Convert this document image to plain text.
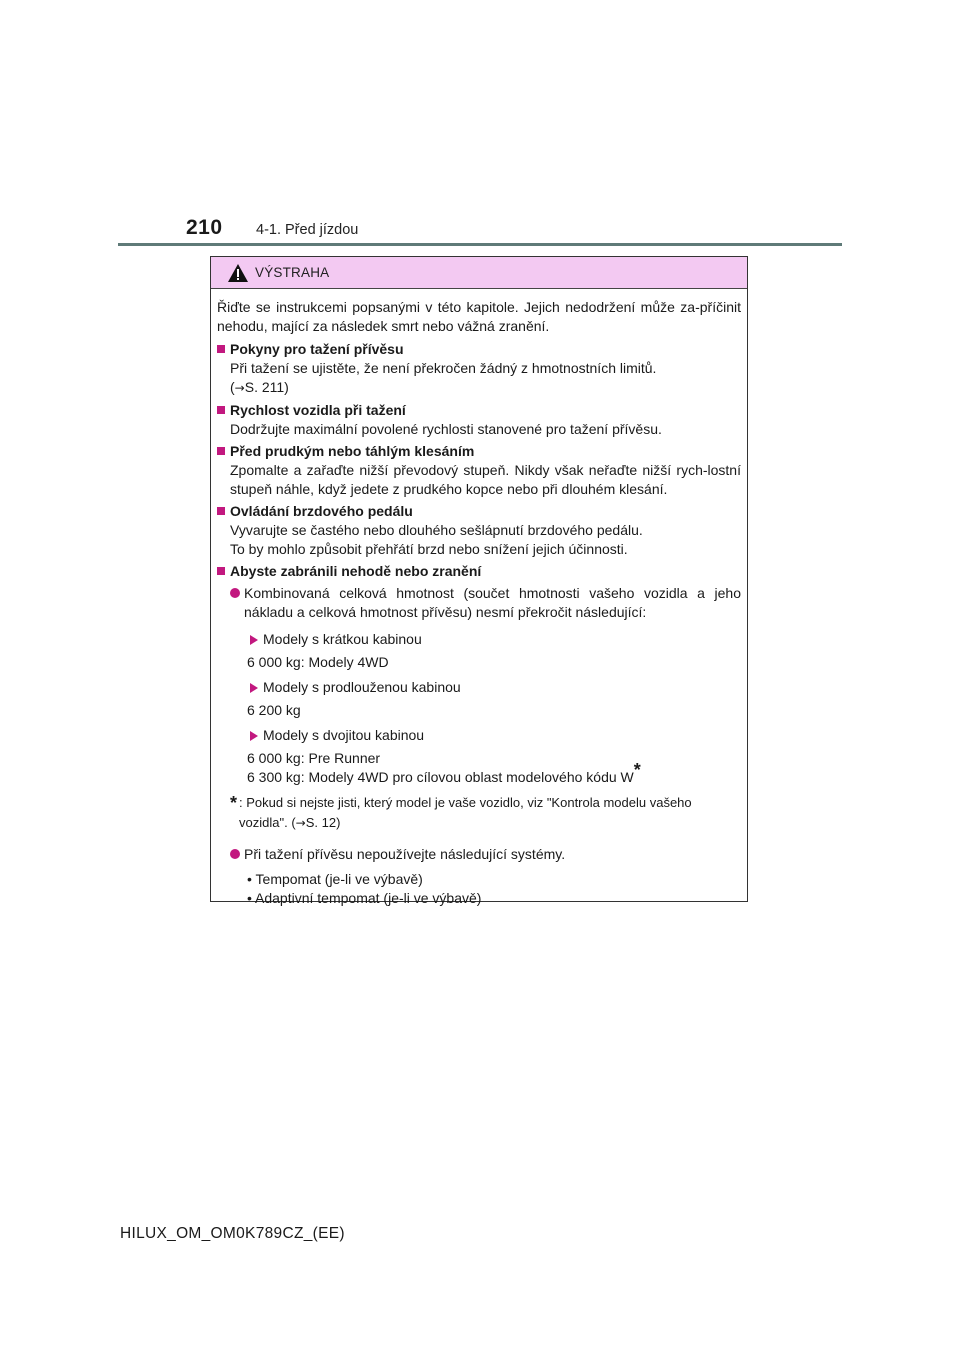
210 4-1. Před jízdou
VÝSTRAHA
Řiďte se instrukcemi popsanými v této kapitole. Jejich nedodržení může za-příčinit nehodu, mající za následek smrt nebo vážná zranění.
Pokyny pro tažení přívěsu
Při tažení se ujistěte, že není překročen žádný z hmotnostních limitů.
(→S. 211)
Rychlost vozidla při tažení
Dodržujte maximální povolené rychlosti stanovené pro tažení přívěsu.
Před prudkým nebo táhlým klesáním
Zpomalte a zařaďte nižší převodový stupeň. Nikdy však neřaďte nižší rych-lostní stupeň náhle, když jedete z prudkého kopce nebo při dlouhém klesání.
Ovládání brzdového pedálu
Vyvarujte se častého nebo dlouhého sešlápnutí brzdového pedálu.
To by mohlo způsobit přehřátí brzd nebo snížení jejich účinnosti.
Abyste zabránili nehodě nebo zranění
Kombinovaná celková hmotnost (součet hmotnosti vašeho vozidla a jeho nákladu a celková hmotnost přívěsu) nesmí překročit následující:
Modely s krátkou kabinou
6 000 kg: Modely 4WD
Modely s prodlouženou kabinou
6 200 kg
Modely s dvojitou kabinou
6 000 kg: Pre Runner
6 300 kg: Modely 4WD pro cílovou oblast modelového kódu W*
* : Pokud si nejste jisti, který model je vaše vozidlo, viz "Kontrola modelu vašeho vozidla". (→S. 12)
Při tažení přívěsu nepoužívejte následující systémy.
• Tempomat (je-li ve výbavě)
• Adaptivní tempomat (je-li ve výbavě)
HILUX_OM_OM0K789CZ_(EE)
